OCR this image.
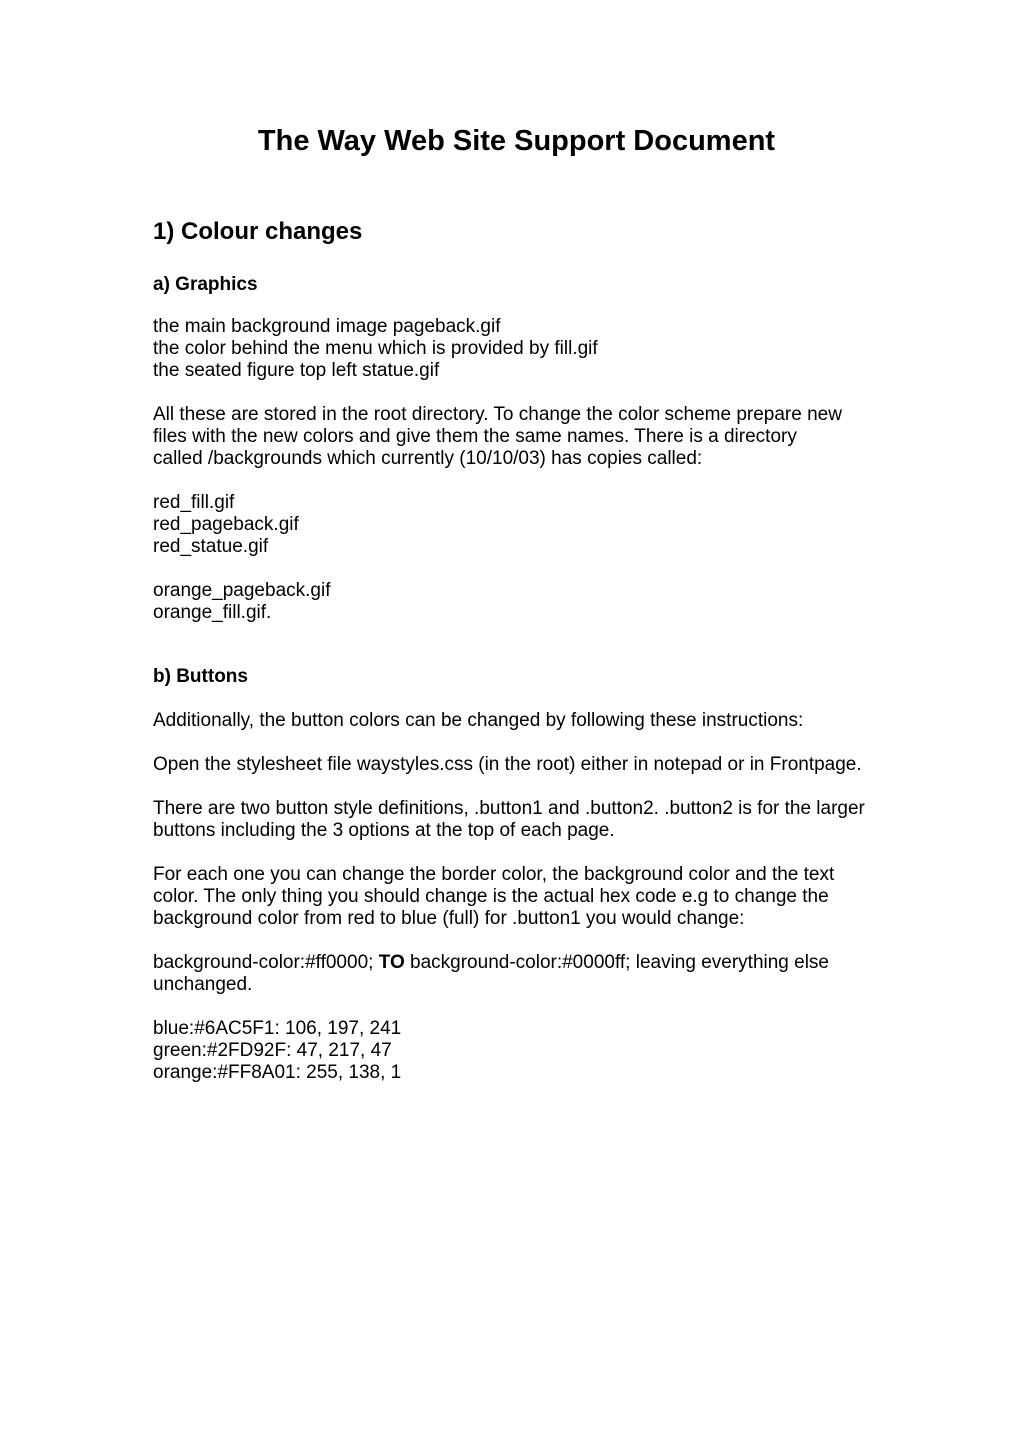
The Way Web Site Support Document
1) Colour changes
a) Graphics
the main background image pageback.gif
the color behind the menu which is provided by fill.gif
the seated figure top left statue.gif
All these are stored in the root directory. To change the color scheme prepare new
files with the new colors and give them the same names. There is a directory
called /backgrounds which currently (10/10/03) has copies called:
red_fill.gif
red_pageback.gif
red_statue.gif
orange_pageback.gif
orange_fill.gif.
b) Buttons
Additionally, the button colors can be changed by following these instructions:
Open the stylesheet file waystyles.css (in the root) either in notepad or in Frontpage.
There are two button style definitions, .button1 and .button2. .button2 is for the larger
buttons including the 3 options at the top of each page.
For each one you can change the border color, the background color and the text
color. The only thing you should change is the actual hex code e.g to change the
background color from red to blue (full) for .button1 you would change:
background-color:#ff0000; TO background-color:#0000ff; leaving everything else
unchanged.
blue:#6AC5F1: 106, 197, 241
green:#2FD92F: 47, 217, 47
orange:#FF8A01: 255, 138, 1
